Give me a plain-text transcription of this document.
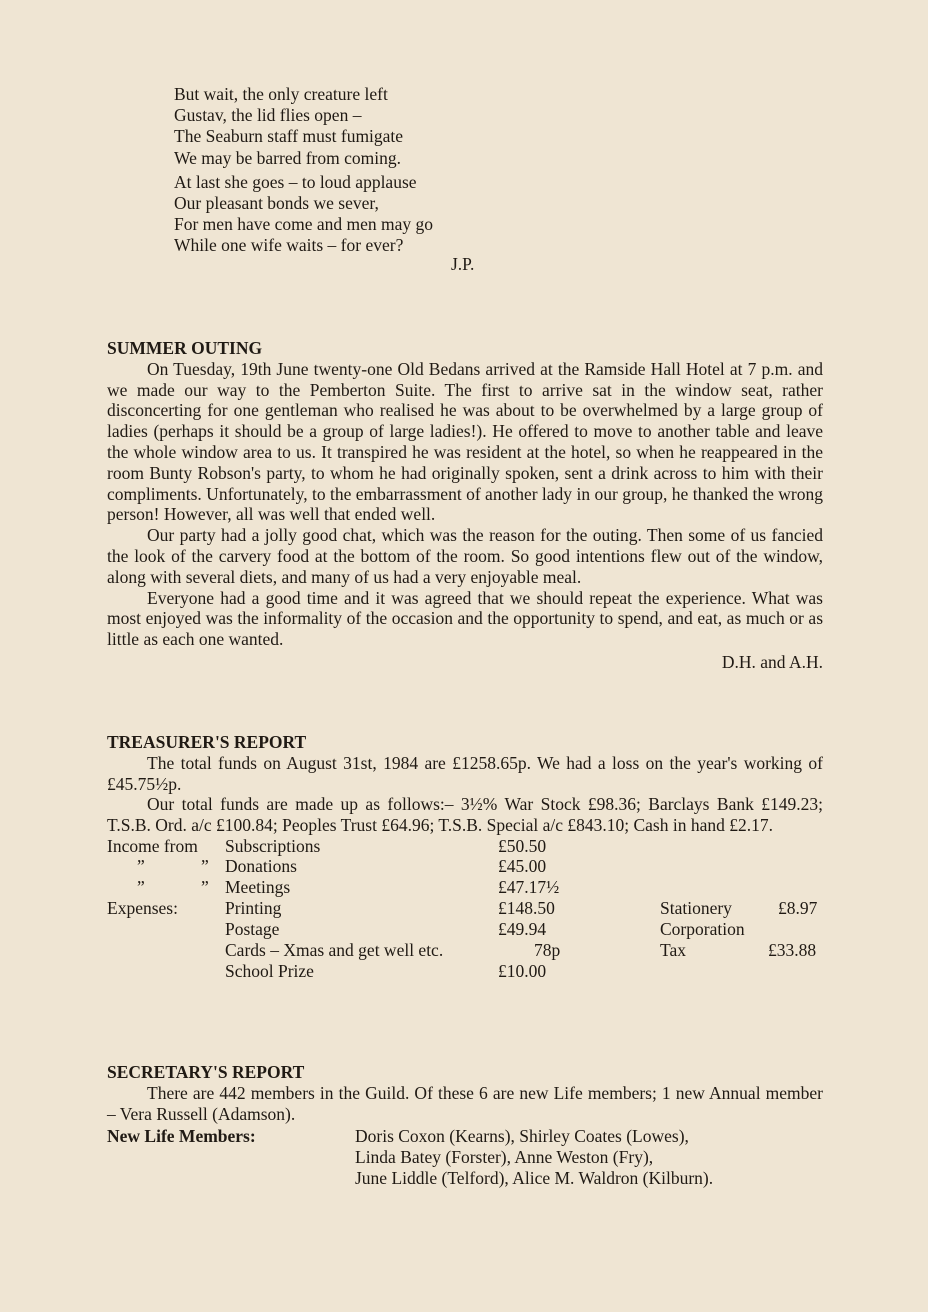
But wait, the only creature left
Gustav, the lid flies open –
The Seaburn staff must fumigate
We may be barred from coming.
At last she goes – to loud applause
Our pleasant bonds we sever,
For men have come and men may go
While one wife waits – for ever?
J.P.
SUMMER OUTING

On Tuesday, 19th June twenty-one Old Bedans arrived at the Ramside Hall Hotel at 7 p.m. and we made our way to the Pemberton Suite. The first to arrive sat in the window seat, rather disconcerting for one gentleman who realised he was about to be overwhelmed by a large group of ladies (perhaps it should be a group of large ladies!). He offered to move to another table and leave the whole window area to us. It transpired he was resident at the hotel, so when he reappeared in the room Bunty Robson's party, to whom he had originally spoken, sent a drink across to him with their compliments. Unfortunately, to the embarrassment of another lady in our group, he thanked the wrong person! However, all was well that ended well.

Our party had a jolly good chat, which was the reason for the outing. Then some of us fancied the look of the carvery food at the bottom of the room. So good intentions flew out of the window, along with several diets, and many of us had a very enjoyable meal.

Everyone had a good time and it was agreed that we should repeat the experience. What was most enjoyed was the informality of the occasion and the opportunity to spend, and eat, as much or as little as each one wanted.

D.H. and A.H.
TREASURER'S REPORT

The total funds on August 31st, 1984 are £1258.65p. We had a loss on the year's working of £45.75½p.

Our total funds are made up as follows:– 3½% War Stock £98.36; Barclays Bank £149.23; T.S.B. Ord. a/c £100.84; Peoples Trust £64.96; T.S.B. Special a/c £843.10; Cash in hand £2.17.

Income from Subscriptions	£50.50
”	” Donations	£45.00
”	” Meetings	£47.17½
Expenses:	Printing	£148.50	Stationery	£8.97
Postage	£49.94	Corporation
Cards – Xmas and get well etc.	78p	Tax	£33.88
School Prize	£10.00
SECRETARY'S REPORT

There are 442 members in the Guild. Of these 6 are new Life members; 1 new Annual member – Vera Russell (Adamson).

New Life Members:	Doris Coxon (Kearns), Shirley Coates (Lowes),
Linda Batey (Forster), Anne Weston (Fry),
June Liddle (Telford), Alice M. Waldron (Kilburn).
